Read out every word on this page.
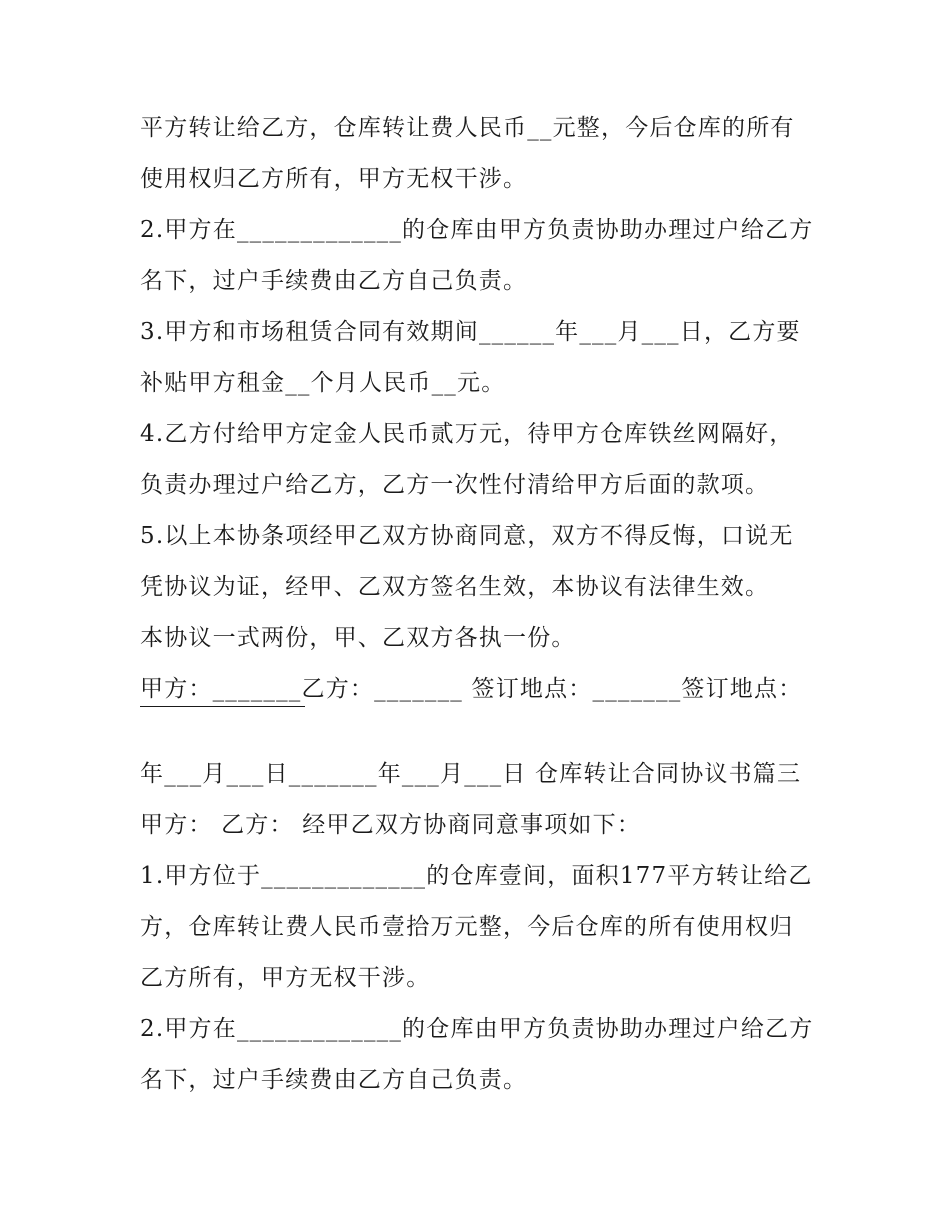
平方转让给乙方，仓库转让费人民币__元整，今后仓库的所有
使用权归乙方所有，甲方无权干涉。
2.甲方在_____________的仓库由甲方负责协助办理过户给乙方
名下，过户手续费由乙方自己负责。
3.甲方和市场租赁合同有效期间______年___月___日，乙方要
补贴甲方租金__个月人民币__元。
4.乙方付给甲方定金人民币贰万元，待甲方仓库铁丝网隔好，
负责办理过户给乙方，乙方一次性付清给甲方后面的款项。
5.以上本协条项经甲乙双方协商同意，双方不得反悔，口说无
凭协议为证，经甲、乙双方签名生效，本协议有法律生效。
本协议一式两份，甲、乙双方各执一份。
甲方：_______乙方：_______ 签订地点：_______签订地点：
年___月___日_______年___月___日 仓库转让合同协议书篇三
甲方： 乙方： 经甲乙双方协商同意事项如下：
1.甲方位于_____________的仓库壹间，面积177平方转让给乙
方，仓库转让费人民币壹拾万元整，今后仓库的所有使用权归
乙方所有，甲方无权干涉。
2.甲方在_____________的仓库由甲方负责协助办理过户给乙方
名下，过户手续费由乙方自己负责。
